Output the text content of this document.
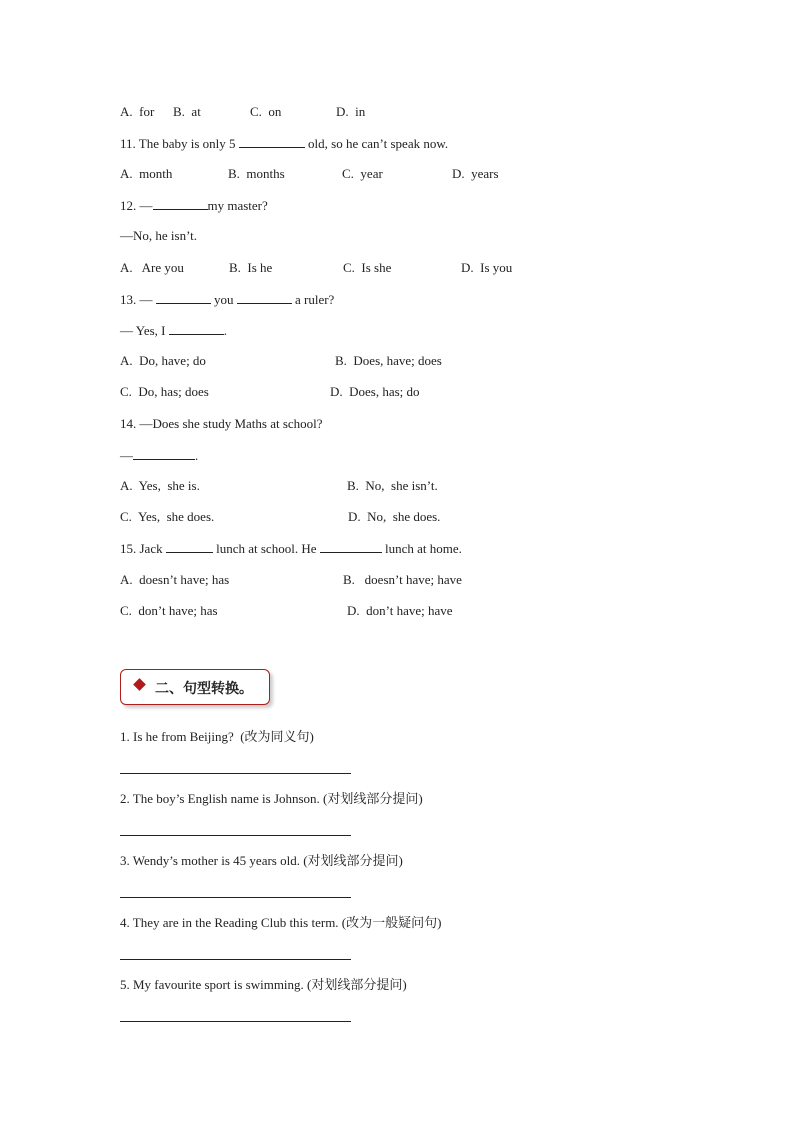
A.  for B.  at	C.  on	D.  in
11. The baby is only 5	old, so he can’t speak now.
A.  month	B.  months	C.  year	D.  years
12. —	my master?
—No, he isn’t.
A.   Are you	B.  Is he	C.  Is she	D.  Is you
13. —	you	a ruler?
— Yes, I	.
A.  Do, have; do	B.  Does, have; does
C.  Do, has; does	D.  Does, has; do
14. —Does she study Maths at school?
—	.
A.  Yes,  she is.	B.  No,  she isn’t.
C.  Yes,  she does.	D.  No,  she does.
15. Jack	lunch at school. He	lunch at home.
A.  doesn’t have; has	B.   doesn’t have; have
C.  don’t have; has	D.  don’t have; have
二、句型转换。
1. Is he from Beijing?  (改为同义句)
2. The boy’s English name is Johnson. (对划线部分提问)
3. Wendy’s mother is 45 years old. (对划线部分提问)
4. They are in the Reading Club this term. (改为一般疑问句)
5. My favourite sport is swimming. (对划线部分提问)
